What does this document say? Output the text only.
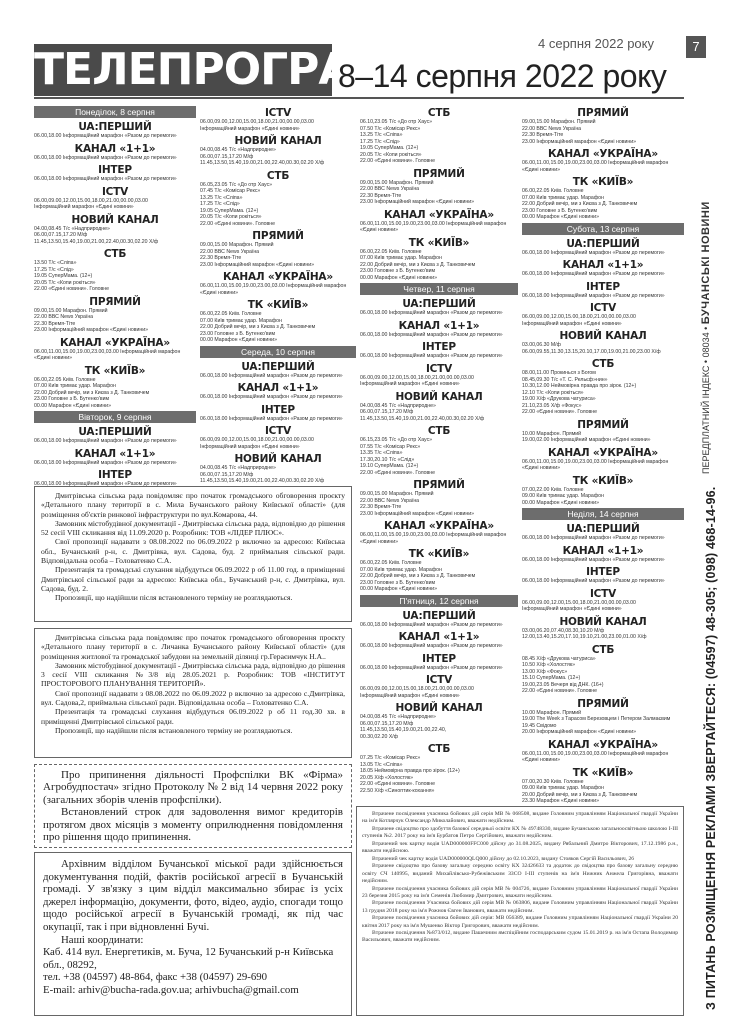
ТЕЛЕПРОГРАМА
4 серпня 2022 року	7
8–14 серпня 2022 року
ПЕРЕДПЛАТНИЙ ІНДЕКС • 08034 • БУЧАНСЬКІ НОВИНИ
З ПИТАНЬ РОЗМІЩЕННЯ РЕКЛАМИ ЗВЕРТАЙТЕСЯ: (04597) 48-305; (098) 468-14-96.
Понеділок, 8 серпня
UA:ПЕРШИЙ
06.00,18.00 Інформаційний марафон «Разом до перемоги»
КАНАЛ «1+1»
06.00,18.00 Інформаційний марафон «Разом до перемоги»
ІНТЕР
06.00,18.00 Інформаційний марафон «Разом до перемоги»
ICTV
06.00,09.00,12.00,15.00,18.00,21.00,00.00,03.00
Інформаційний марафон «Єдині новини»
НОВИЙ КАНАЛ
04.00,08.45 Т/с «Надприродне»
06.00,07.15,17.20 М/ф
11.45,13.50,15.40,19.00,21.00,22.40,00.30,02.20 Х/ф
СТБ
13.50 Т/с «Сліпа»
17.25 Т/с «Слід»
19.05 СуперМама. (12+)
20.05 Т/с «Копи рокіться»
22.00 «Єдині новини». Головне
ПРЯМИЙ
09.00,15.00 Марафон. Прямий
22.00 ВВС News Україна
22.30 Время-Тіте
23.00 Інформаційний марафон «Єдині новини»
КАНАЛ «УКРАЇНА»
06.00,11.00,15.00,19.00,23.00,03.00 Інформаційний марафон
«Єдині новини»
ТК «КИЇВ»
06.00,22.05 Київ. Головне
07.00 Київ тримає удар. Марафон
22.00 Добрий вечір, ми з Києва з Д. Танковичем
23.00 Головне з Б. Бутенко'вим
00.00 Марафон «Єдині новини»
Вівторок, 9 серпня
UA:ПЕРШИЙ
06.00,18.00 Інформаційний марафон «Разом до перемоги»
КАНАЛ «1+1»
06.00,18.00 Інформаційний марафон «Разом до перемоги»
ІНТЕР
06.00,18.00 Інформаційний марафон «Разом до перемоги»
ICTV
06.00,09.00,12.00,15.00,18.00,21.00,00.00,03.00
Інформаційний марафон «Єдині новини»
НОВИЙ КАНАЛ
04.00,08.45 Т/с «Надприродне»
06.00,07.15,17.20 М/ф
11.45,13.50,15.40,19.00,21.00,22.40,00.30,02.20 Х/ф
СТБ
06.05,23.05 Т/с «До отр Хаус»
07.45 Т/с «Комісар Рекс»
13.25 Т/с «Сліпа»
17.25 Т/с «Слід»
19.05 СуперМама. (12+)
20.05 Т/с «Копи рокіться»
22.00 «Єдині новини». Головне
ПРЯМИЙ
09.00,15.00 Марафон. Прямий
22.00 ВВС News Україна
22.30 Время-Тіте
23.00 Інформаційний марафон «Єдині новини»
КАНАЛ «УКРАЇНА»
06.00,11.00,15.00,19.00,23.00,03.00 Інформаційний марафон
«Єдині новини»
ТК «КИЇВ»
06.00,22.05 Київ. Головне
07.00 Київ тримає удар. Марафон
22.00 Добрий вечір, ми з Києва з Д. Танковичем
23.00 Головне з Б. Бутенко'вим
00.00 Марафон «Єдині новини»
Середа, 10 серпня
UA:ПЕРШИЙ
06.00,18.00 Інформаційний марафон «Разом до перемоги»
КАНАЛ «1+1»
06.00,18.00 Інформаційний марафон «Разом до перемоги»
ІНТЕР
06.00,18.00 Інформаційний марафон «Разом до перемоги»
ICTV
06.00,09.00,12.00,15.00,18.00,21.00,00.00,03.00
Інформаційний марафон «Єдині новини»
НОВИЙ КАНАЛ
04.00,08.45 Т/с «Надприродне»
06.00,07.15,17.20 М/ф
11.45,13.50,15.40,19.00,21.00,22.40,00.30,02.20 Х/ф
СТБ
06.10,23.05 Т/с «До отр Хаус»
07.50 Т/с «Комісар Рекс»
13.25 Т/с «Сліпа»
17.25 Т/с «Слід»
19.05 СуперМама. (12+)
20.05 Т/с «Копи рокіться»
22.00 «Єдині новини». Головне
ПРЯМИЙ
09.00,15.00 Марафон. Прямий
22.00 ВВС News Україна
22.30 Время-Тіте
23.00 Інформаційний марафон «Єдині новини»
КАНАЛ «УКРАЇНА»
06.00,11.00,15.00,19.00,23.00,03.00 Інформаційний марафон
«Єдині новини»
ТК «КИЇВ»
06.00,22.05 Київ. Головне
07.00 Київ тримає удар. Марафон
22.00 Добрий вечір, ми з Києва з Д. Танковичем
23.00 Головне з Б. Бутенко'вим
00.00 Марафон «Єдині новини»
Четвер, 11 серпня
UA:ПЕРШИЙ
06.00,18.00 Інформаційний марафон «Разом до перемоги»
КАНАЛ «1+1»
06.00,18.00 Інформаційний марафон «Разом до перемоги»
ІНТЕР
06.00,18.00 Інформаційний марафон «Разом до перемоги»
ICTV
06.00,09.00,12.00,15.00,18.00,21.00,00.00,03.00
Інформаційний марафон «Єдині новини»
НОВИЙ КАНАЛ
04.00,08.45 Т/с «Надприродне»
06.00,07.15,17.20 М/ф
11.45,13.50,15.40,19.00,21.00,22.40,00.30,02.20 Х/ф
СТБ
06.15,23.05 Т/с «До отр Хаус»
07.55 Т/с «Комісар Рекс»
13.35 Т/с «Сліпа»
17.30,20.10 Т/с «Слід»
19.10 СуперМама. (12+)
22.00 «Єдині новини». Головне
ПРЯМИЙ
09.00,15.00 Марафон. Прямий
22.00 ВВС News Україна
22.30 Время-Тіте
23.00 Інформаційний марафон «Єдині новини»
КАНАЛ «УКРАЇНА»
06.00,11.00,15.00,19.00,23.00,03.00 Інформаційний марафон
«Єдині новини»
ТК «КИЇВ»
06.00,22.05 Київ. Головне
07.00 Київ тримає удар. Марафон
22.00 Добрий вечір, ми з Києва з Д. Танковичем
23.00 Головне з Б. Бутенко'вим
00.00 Марафон «Єдині новини»
П'ятниця, 12 серпня
UA:ПЕРШИЙ
06.00,18.00 Інформаційний марафон «Разом до перемоги»
КАНАЛ «1+1»
06.00,18.00 Інформаційний марафон «Разом до перемоги»
ІНТЕР
06.00,18.00 Інформаційний марафон «Разом до перемоги»
ICTV
06.00,09.00,12.00,15.00,18.00,21.00,00.00,03.00
Інформаційний марафон «Єдині новини»
НОВИЙ КАНАЛ
04.00,08.45 Т/с «Надприродне»
06.00,07.15,17.20 М/ф
11.45,13.50,15.40,19.00,21.00,22.40,
00.30,02.20 Х/ф
СТБ
07.25 Т/с «Комісар Рекс»
13.05 Т/с «Сліпа»
18.05 Неймовірна правда про зірок. (12+)
20.05 Х/ф «Холостяк»
22.00 «Єдині новини». Головне
22.50 Х/ф «Синоптик-кохання»
ПРЯМИЙ
09.00,15.00 Марафон. Прямий
22.00 ВВС News Україна
22.30 Время-Тіте
23.00 Інформаційний марафон «Єдині новини»
КАНАЛ «УКРАЇНА»
06.00,11.00,15.00,19.00,23.00,03.00 Інформаційний марафон
«Єдині новини»
ТК «КИЇВ»
06.00,22.05 Київ. Головне
07.00 Київ тримає удар. Марафон
22.00 Добрий вечір, ми з Києва з Д. Танковичем
23.00 Головне з Б. Бутенко'вим
00.00 Марафон «Єдині новини»
Субота, 13 серпня
UA:ПЕРШИЙ
06.00,18.00 Інформаційний марафон «Разом до перемоги»
КАНАЛ «1+1»
06.00,18.00 Інформаційний марафон «Разом до перемоги»
ІНТЕР
06.00,18.00 Інформаційний марафон «Разом до перемоги»
ICTV
06.00,09.00,12.00,15.00,18.00,21.00,00.00,03.00
Інформаційний марафон «Єдині новини»
НОВИЙ КАНАЛ
03.00,06.30 М/ф
06.00,09.55,11.30,13.15,20.10,17.00,19.00,21.00,23.00 Х/ф
СТБ
08.00,11.00 Прокинься з Богом
08.45,09.30 Т/с «Т. С. Рельєф»нин»
10.30,12.00 Неймовірна правда про зірок. (12+)
12.10 Т/с «Копи рокіться»
19.00 Х/ф «Друкова чатуриса»
21.10,23.05 Х/ф «Фокус»
22.00 «Єдині новини». Головне
ПРЯМИЙ
10.00 Марафон. Прямий
19.00,02.00 Інформаційний марафон «Єдині новини»
КАНАЛ «УКРАЇНА»
06.00,11.00,15.00,19.00,23.00,03.00 Інформаційний марафон
«Єдині новини»
ТК «КИЇВ»
07.00,22.00 Київ. Головне
09.00 Київ тримає удар. Марафон
00.00 Марафон «Єдині новини»
Неділя, 14 серпня
UA:ПЕРШИЙ
06.00,18.00 Інформаційний марафон «Разом до перемоги»
КАНАЛ «1+1»
06.00,18.00 Інформаційний марафон «Разом до перемоги»
ІНТЕР
06.00,18.00 Інформаційний марафон «Разом до перемоги»
ICTV
06.00,09.00,12.00,15.00,18.00,21.00,00.00,03.00
Інформаційний марафон «Єдині новини»
НОВИЙ КАНАЛ
03.00,06.20,07.40,08.30,10.20 М/ф
12.00,13.40,15.20,17.10,19.10,21.00,23.00,01.00 Х/ф
СТБ
08.45 Х/ф «Друкова чатуриса»
10.50 Х/ф «Холостяк»
13.00 Х/ф «Фокус»
15.10 СуперМама. (12+)
19.00,23.05 Вечеря від ДНК. (16+)
22.00 «Єдині новини». Головне
ПРЯМИЙ
10.00 Марафон. Прямий
19.00 The Week з Тарасом Березовцем і Петером Залмаєвим
19.45 Свідомо
20.00 Інформаційний марафон «Єдині новини»
КАНАЛ «УКРАЇНА»
06.00,11.00,15.00,19.00,23.00,03.00 Інформаційний марафон
«Єдині новини»
ТК «КИЇВ»
07.00,20.30 Київ. Головне
09.00 Київ тримає удар. Марафон
20.00 Добрий вечір, ми з Києва з Д. Танковичем
23.30 Марафон «Єдині новини»

Дмитрівська сільська рада повідомляє про початок громадського обговорення проєкту «Детального плану території в с. Мила Бучанського району Київської області» (для розміщення об'єктів ринкової інфраструктури по вул.Комарова, 44.

Замовник містобудівної документації - Дмитрівська сільська рада, відповідно до рішення 52 сесії VIII скликання від 11.09.2020 р. Розробник: ТОВ «ЛІДЕР ПЛЮС».

Свої пропозиції надавати з 08.08.2022 по 06.09.2022 р включно за адресою: Київська обл., Бучанський р-н, с. Дмитрівка, вул. Садова, буд. 2 приймальня сільської ради. Відповідальна особа – Головатенко С.А.

Презентація та громадські слухання відбудуться 06.09.2022 р об 11.00 год. в приміщенні Дмитрівської сільської ради за адресою: Київська обл., Бучанський р-н, с. Дмитрівка, вул. Садова, буд. 2.

Пропозиції, що надійшли після встановленого терміну не розглядаються.

Дмитрівська сільська рада повідомляє про початок громадського обговорення проєкту «Детального плану території в с. Личанка Бучанського району Київської області» (для розміщення житлової та громадської забудови на земельній ділянці гр.Гераєимчук Н.А..

Замовник містобудівної документації - Дмитрівська сільська рада, відповідно до рішення 3 сесії VIII скликання №3/8 від 28.05.2021 р. Розробник: ТОВ «ІНСТИТУТ ПРОСТОРОВОГО ПЛАНУВАННЯ ТЕРИТОРІЙ».

Свої пропозиції надавати з 08.08.2022 по 06.09.2022 р включно за адресою с.Дмитрівка, вул. Садова,2, приймальна сільської ради. Відповідальна особа – Головатенко С.А.

Презентація та громадські слухання відбудуться 06.09.2022 р об 11 год.30 хв. в приміщенні Дмитрівської сільської ради.

Пропозиції, що надійшли після встановленого терміну не розглядаються.

Про припинення діяльності Профспілки ВК «Фірма» Агробудпостач» згідно Протоколу № 2 від 14 червня 2022 року (загальних зборів членів профспілки).

Встановлений строк для задоволення вимог кредиторів протягом двох місяців з моменту оприлюднення повідомлення про рішення щодо припинення.

Архівним відділом Бучанської міської ради здійснюється документування подій, фактів російської агресії в Бучанській громаді. У зв'язку з цим відділ максимально збирає із усіх джерел інформацію, документи, фото, відео, аудіо, спогади тощо щодо російської агресії в Бучанській громаді, як під час окупації, так і при відновленні Бучі.

Наші координати:

Каб. 414 вул. Енергетиків, м. Буча, 12 Бучанський р-н Київська обл., 08292,

тел. +38 (04597) 48-864, факс +38 (04597) 29-690

E-mail: arhiv@bucha-rada.gov.ua; arhivbucha@gmail.com

Втрачене посвідчення учасника бойових дій серія МВ № 068508, видане Головним управлінням Національної гвардії України на ім'я Котлярчук Олександр Миколайович, вважати недійсним.

Втрачене свідоцтво про здобуття базової середньої освіти КХ № 49748330, видане Бучанською загальноосвітньою школою І-ІІІ ступенів №2. 2017 року на ім'я Бурбатов Петро Сергійович, вважати недійсним.

Втрачений чек картку водія UAD000000FFC000 дійсну до 31.08.2025, видану Рябальний Дмитро Вікторович, 17.12.1986 р.н., вважати недійсною.

Втрачений чек картку водія UAD000000QLQ000 дійсну до 02.10.2023, видану Стояков Сергій Васильович, 26

Втрачене свідоцтво про базову загальну середню освіту КХ 32426633 та додаток до свідоцтва про базову загальну середню освіту СЧ 140995, виданий Михайлівсько-Рубежівським ЗЗСО І-ІІІ ступенів на ім'я Нижник Анжела Григорівна, вважати недійсним.

Втрачене посвідчення учасника бойових дій серія МВ № 004726, видане Головним управлінням Національної гвардії України 23 березня 2015 року на ім'я Семенів Любомир Дмитрович, вважати недійсним.

Втрачене посвідчення Учасника бойових дій серія МВ № 063806, видане Головним управлінням Національної гвардії України 13 грудня 2018 року на ім'я Рожнов Євген Іванович, вважати недійсним.

Втрачене посвідчення учасника бойових дій серія: МВ 056389, видане Головним управлінням Національної гвардії України 20 квітня 2017 року на ім'я Мушенко Віктор Григорович, вважати недійсним.

Втрачене посвідчення №873/012, видане Пашечним ямспіційним господарським судом 15.01.2019 р. на ім'я Остапа Володимир Васильович, вважати недійсним.
